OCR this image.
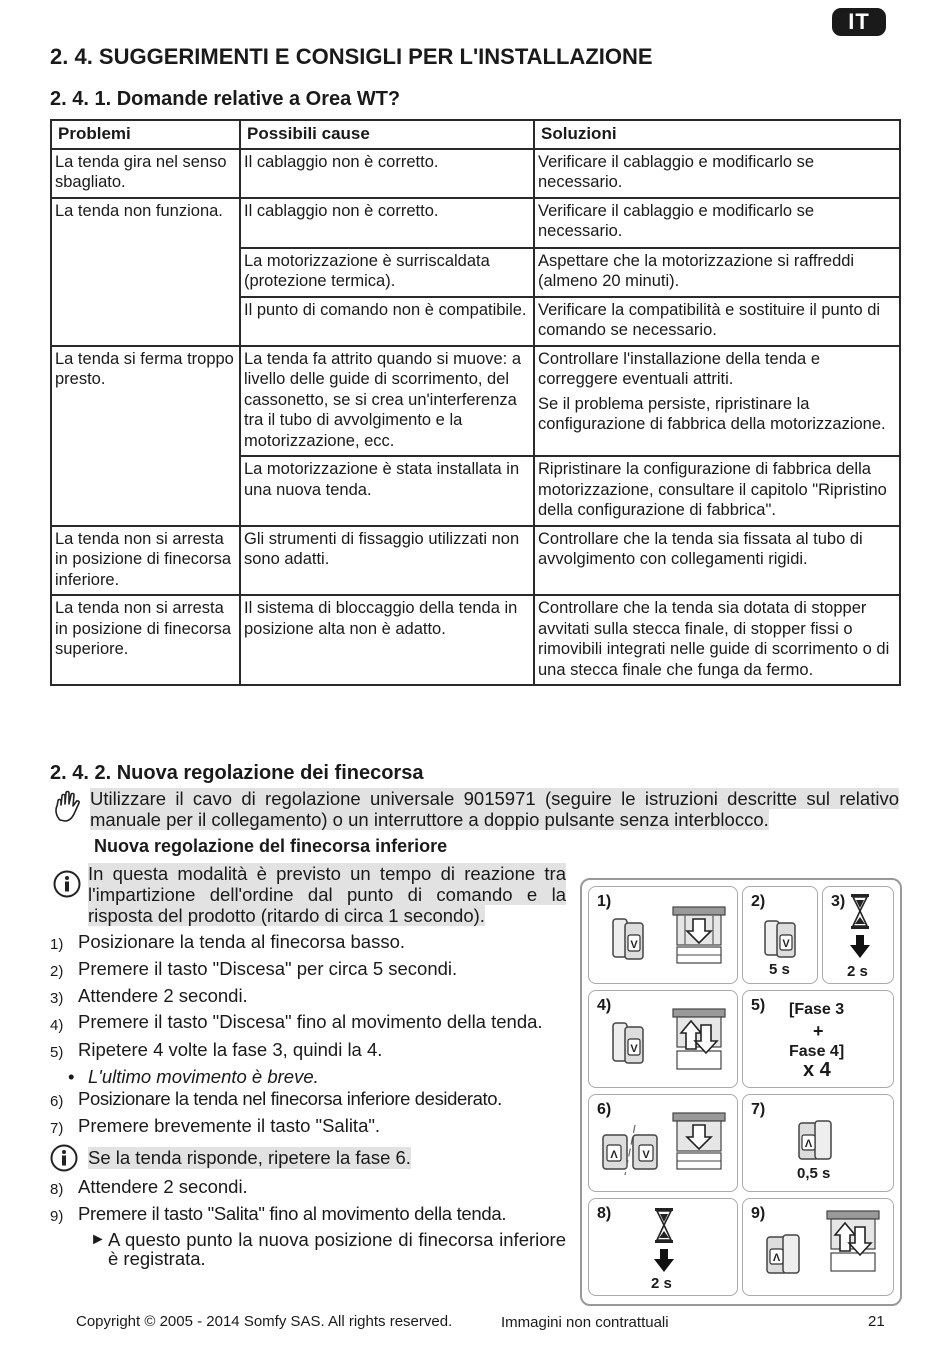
IT
2. 4. SUGGERIMENTI E CONSIGLI PER L'INSTALLAZIONE
2. 4. 1. Domande relative a Orea WT?
Problemi	Possibili cause	Soluzioni
La tenda gira nel senso sbagliato.	Il cablaggio non è corretto.	Verificare il cablaggio e modificarlo se necessario.
La tenda non funziona.	Il cablaggio non è corretto.	Verificare il cablaggio e modificarlo se necessario.
	La motorizzazione è surriscaldata (protezione termica).	Aspettare che la motorizzazione si raffreddi (almeno 20 minuti).
	Il punto di comando non è compatibile.	Verificare la compatibilità e sostituire il punto di comando se necessario.
La tenda si ferma troppo presto.	La tenda fa attrito quando si muove: a livello delle guide di scorrimento, del cassonetto, se si crea un'interferenza tra il tubo di avvolgimento e la motorizzazione, ecc.	Controllare l'installazione della tenda e correggere eventuali attriti.
Se il problema persiste, ripristinare la configurazione di fabbrica della motorizzazione.

	La motorizzazione è stata installata in una nuova tenda.	Ripristinare la configurazione di fabbrica della motorizzazione, consultare il capitolo "Ripristino della configurazione di fabbrica".
La tenda non si arresta in posizione di finecorsa inferiore.	Gli strumenti di fissaggio utilizzati non sono adatti.	Controllare che la tenda sia fissata al tubo di avvolgimento con collegamenti rigidi.
La tenda non si arresta in posizione di finecorsa superiore.	Il sistema di bloccaggio della tenda in posizione alta non è adatto.	Controllare che la tenda sia dotata di stopper avvitati sulla stecca finale, di stopper fissi o rimovibili integrati nelle guide di scorrimento o di una stecca finale che funga da fermo.
2. 4. 2. Nuova regolazione dei finecorsa
Utilizzare il cavo di regolazione universale 9015971 (seguire le istruzioni descritte sul relativo manuale per il collegamento) o un interruttore a doppio pulsante senza interblocco.
Nuova regolazione del finecorsa inferiore
In questa modalità è previsto un tempo di reazione tra l'impartizione dell'ordine dal punto di comando e la risposta del prodotto (ritardo di circa 1 secondo).
1) Posizionare la tenda al finecorsa basso.
2) Premere il tasto "Discesa" per circa 5 secondi.
3) Attendere 2 secondi.
4) Premere il tasto "Discesa" fino al movimento della tenda.
5) Ripetere 4 volte la fase 3, quindi la 4.
• L'ultimo movimento è breve.
6) Posizionare la tenda nel finecorsa inferiore desiderato.
7) Premere brevemente il tasto "Salita".
Se la tenda risponde, ripetere la fase 6.
8) Attendere 2 secondi.
9) Premere il tasto "Salita" fino al movimento della tenda.
► A questo punto la nuova posizione di finecorsa inferiore è registrata.
1)
V
2)
V
5 s
3)
2 s
4)
V
5) [Fase 3
+
Fase 4]
x 4
6)
Λ V
7)
Λ
0,5 s
8)
2 s
9)
Λ
Copyright © 2005 - 2014 Somfy SAS. All rights reserved.	Immagini non contrattuali	21
